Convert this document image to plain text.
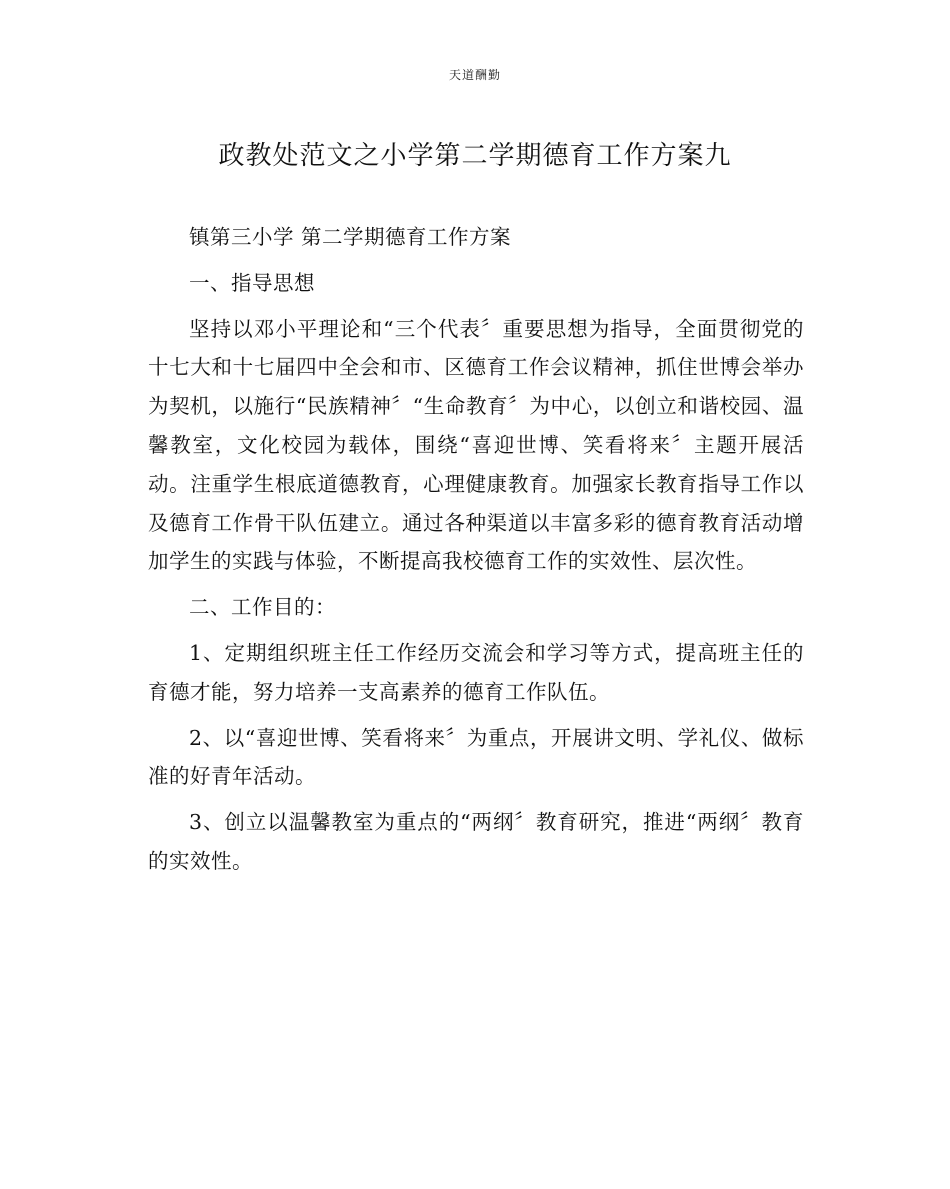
天道酬勤
政教处范文之小学第二学期德育工作方案九

镇第三小学 第二学期德育工作方案

一、指导思想

坚持以邓小平理论和“三个代表〞重要思想为指导，全面贯彻党的十七大和十七届四中全会和市、区德育工作会议精神，抓住世博会举办为契机，以施行“民族精神〞“生命教育〞为中心，以创立和谐校园、温馨教室，文化校园为载体，围绕“喜迎世博、笑看将来〞主题开展活动。注重学生根底道德教育，心理健康教育。加强家长教育指导工作以及德育工作骨干队伍建立。通过各种渠道以丰富多彩的德育教育活动增加学生的实践与体验，不断提高我校德育工作的实效性、层次性。

二、工作目的：

1、定期组织班主任工作经历交流会和学习等方式，提高班主任的育德才能，努力培养一支高素养的德育工作队伍。

2、以“喜迎世博、笑看将来〞为重点，开展讲文明、学礼仪、做标准的好青年活动。

3、创立以温馨教室为重点的“两纲〞教育研究，推进“两纲〞教育的实效性。
